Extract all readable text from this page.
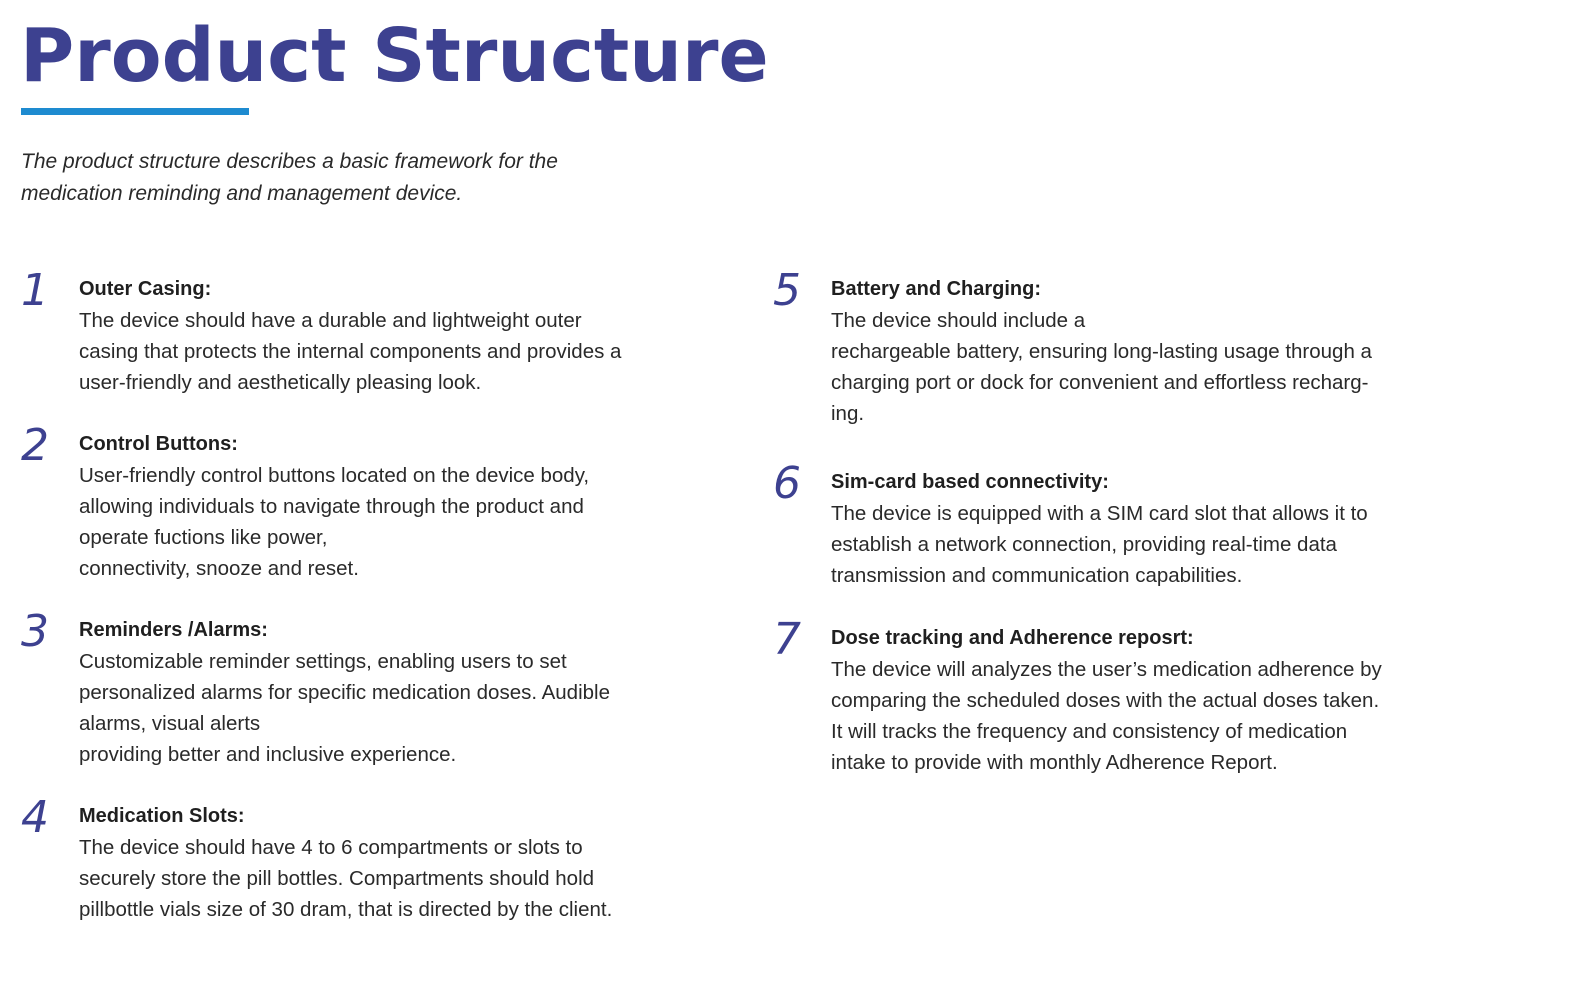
Product Structure

The product structure describes a basic framework for the
medication reminding and management device.

1 Outer Casing:
The device should have a durable and lightweight outer
casing that protects the internal components and provides a
user-friendly and aesthetically pleasing look.
2 Control Buttons:
User-friendly control buttons located on the device body,
allowing individuals to navigate through the product and
operate fuctions like power,
connectivity, snooze and reset.
3 Reminders /Alarms:
Customizable reminder settings, enabling users to set
personalized alarms for specific medication doses. Audible
alarms, visual alerts
providing better and inclusive experience.
4 Medication Slots:
The device should have 4 to 6 compartments or slots to
securely store the pill bottles. Compartments should hold
pillbottle vials size of 30 dram, that is directed by the client.
5 Battery and Charging:
The device should include a
rechargeable battery, ensuring long-lasting usage through a
charging port or dock for convenient and effortless recharg-
ing.
6 Sim-card based connectivity:
The device is equipped with a SIM card slot that allows it to
establish a network connection, providing real-time data
transmission and communication capabilities.
7 Dose tracking and Adherence reposrt:
The device will analyzes the user’s medication adherence by
comparing the scheduled doses with the actual doses taken.
It will tracks the frequency and consistency of medication
intake to provide with monthly Adherence Report.
